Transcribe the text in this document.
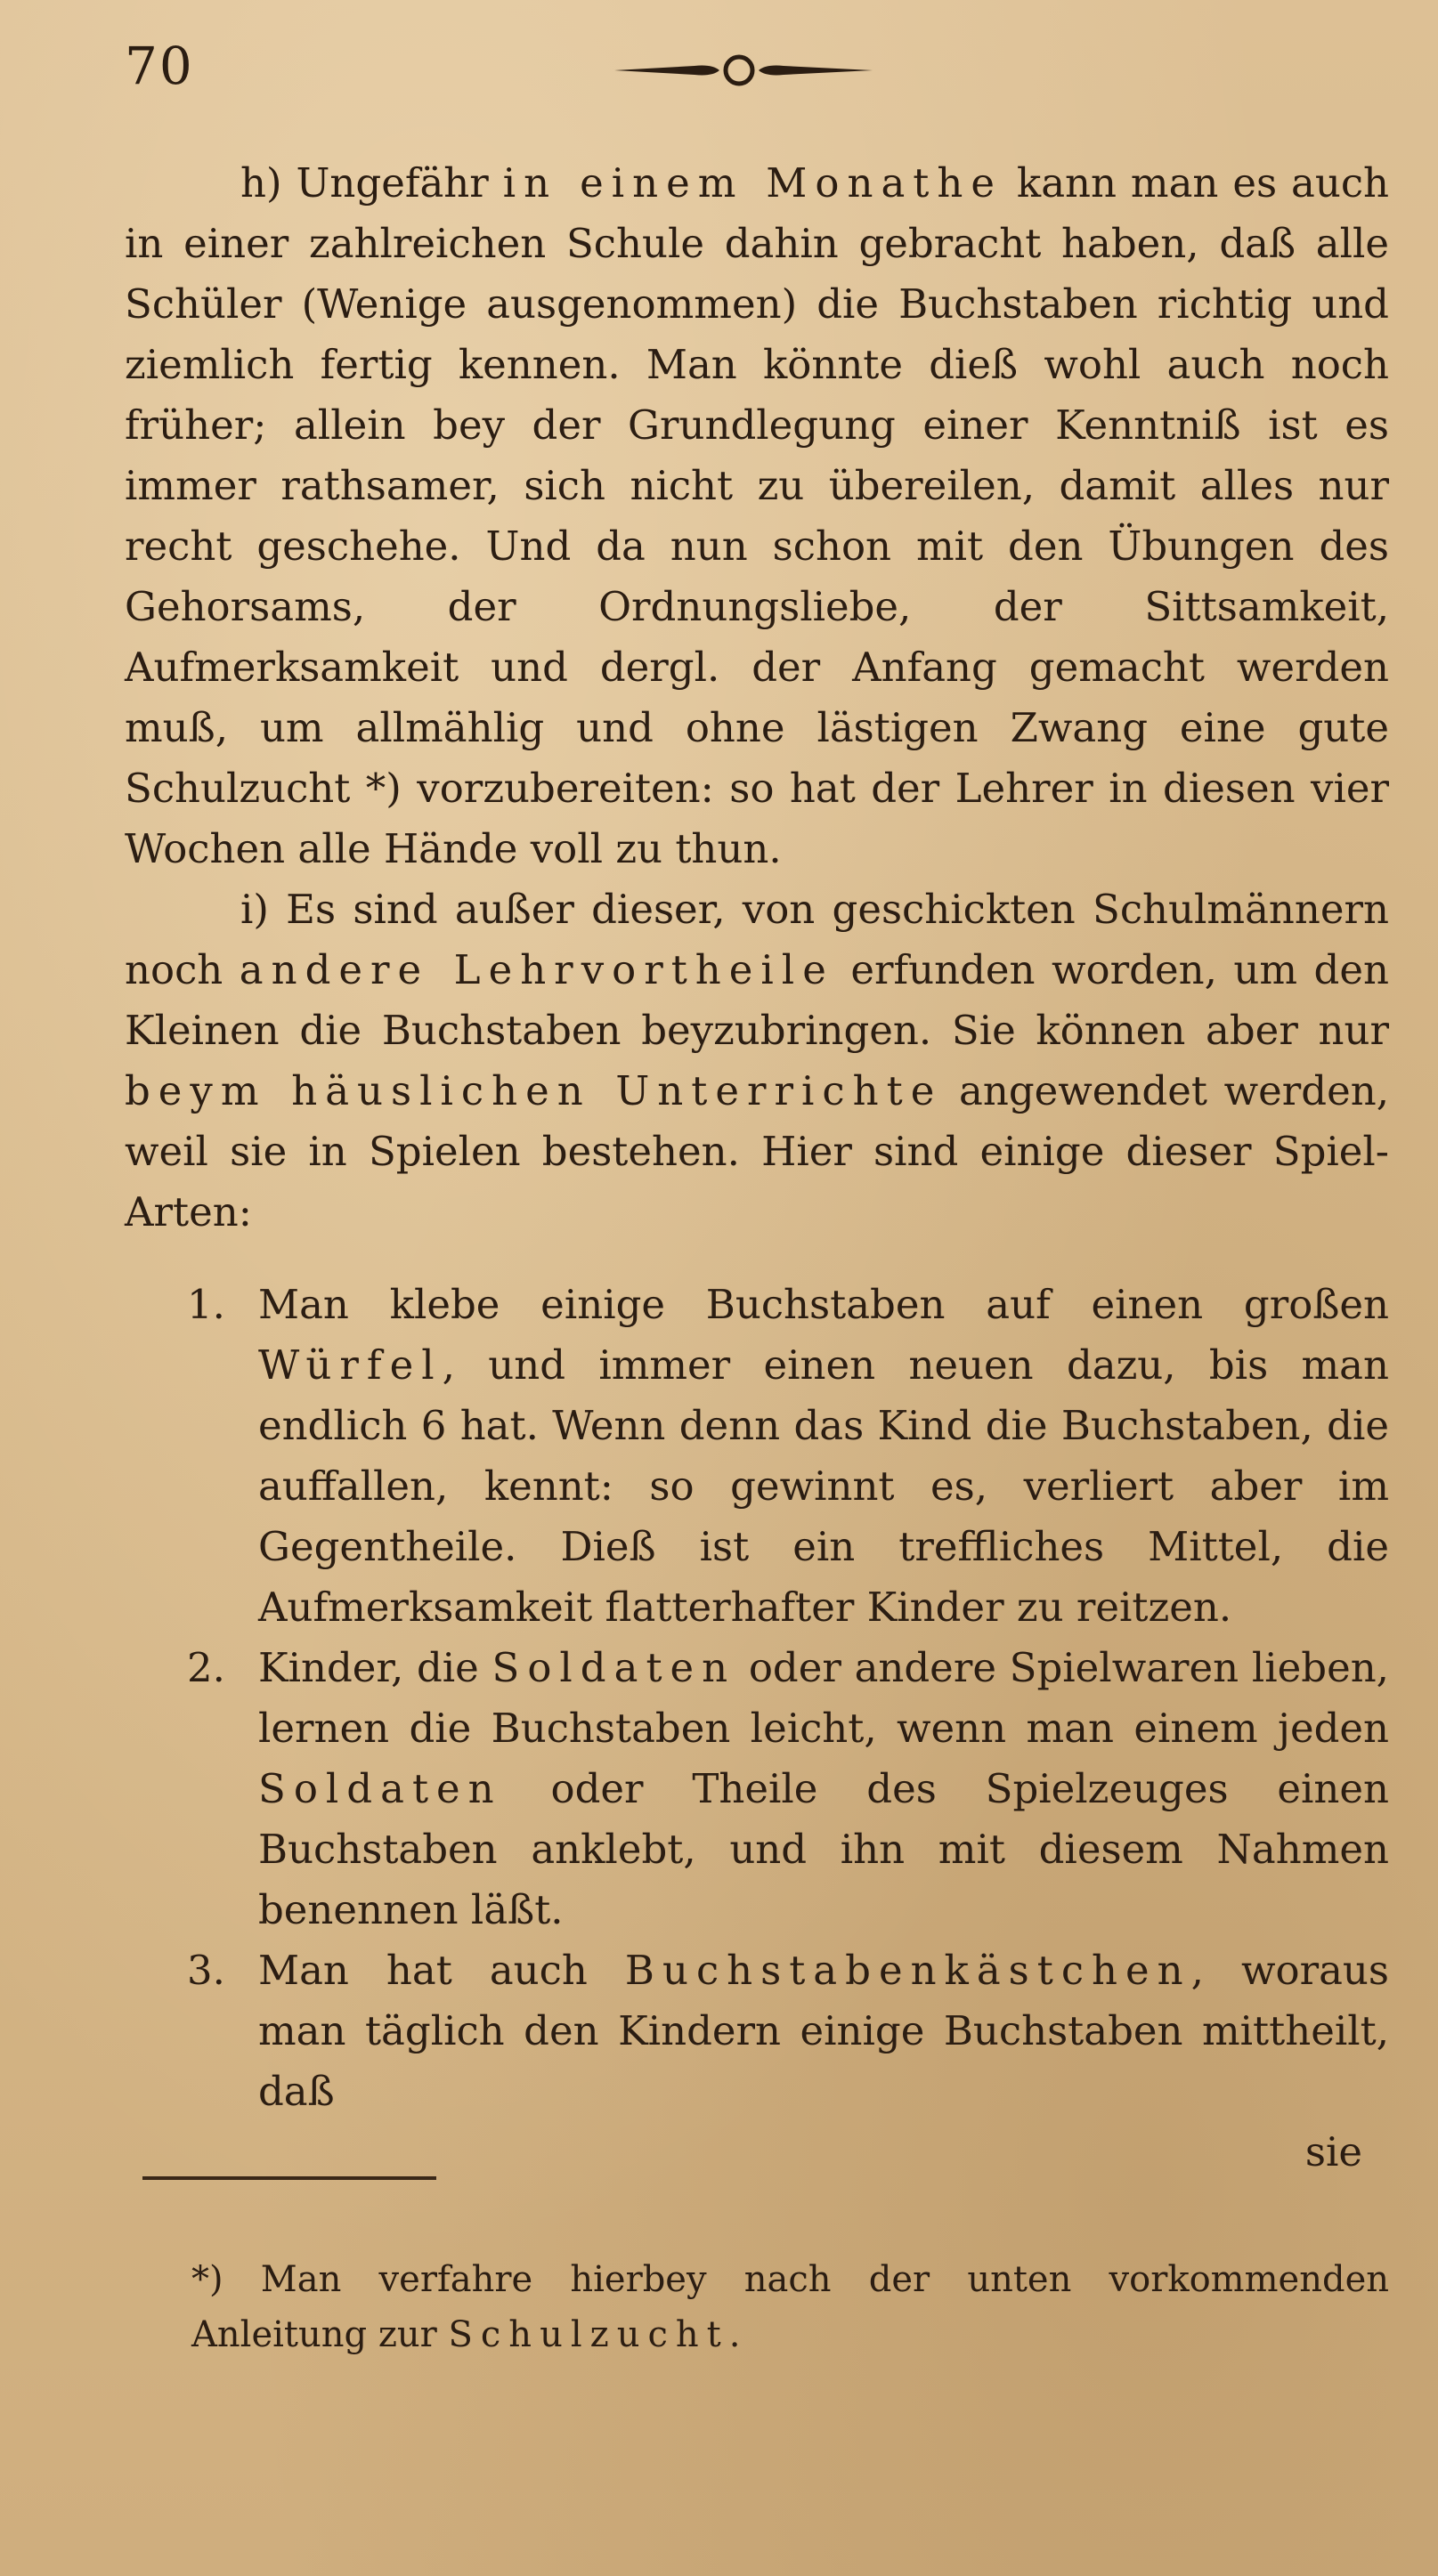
70

h) Ungefähr in einem Monathe kann man es auch in einer zahlreichen Schule dahin gebracht haben, daß alle Schüler (Wenige ausgenommen) die Buchstaben richtig und ziemlich fertig kennen. Man könnte dieß wohl auch noch früher; allein bey der Grundlegung einer Kenntniß ist es immer rathsamer, sich nicht zu übereilen, damit alles nur recht geschehe. Und da nun schon mit den Übungen des Gehorsams, der Ordnungsliebe, der Sittsamkeit, Aufmerksamkeit und dergl. der Anfang gemacht werden muß, um allmählig und ohne lästigen Zwang eine gute Schulzucht *) vorzubereiten: so hat der Lehrer in diesen vier Wochen alle Hände voll zu thun.

i) Es sind außer dieser, von geschickten Schulmännern noch andere Lehrvortheile erfunden worden, um den Kleinen die Buchstaben beyzubringen. Sie können aber nur beym häuslichen Unterrichte angewendet werden, weil sie in Spielen bestehen. Hier sind einige dieser Spiel-Arten:

1. Man klebe einige Buchstaben auf einen großen Würfel, und immer einen neuen dazu, bis man endlich 6 hat. Wenn denn das Kind die Buchstaben, die auffallen, kennt: so gewinnt es, verliert aber im Gegentheile. Dieß ist ein treffliches Mittel, die Aufmerksamkeit flatterhafter Kinder zu reitzen.
2. Kinder, die Soldaten oder andere Spielwaren lieben, lernen die Buchstaben leicht, wenn man einem jeden Soldaten oder Theile des Spielzeuges einen Buchstaben anklebt, und ihn mit diesem Nahmen benennen läßt.
3. Man hat auch Buchstabenkästchen, woraus man täglich den Kindern einige Buchstaben mittheilt, daß

sie

*) Man verfahre hierbey nach der unten vorkommenden Anleitung zur Schulzucht.
